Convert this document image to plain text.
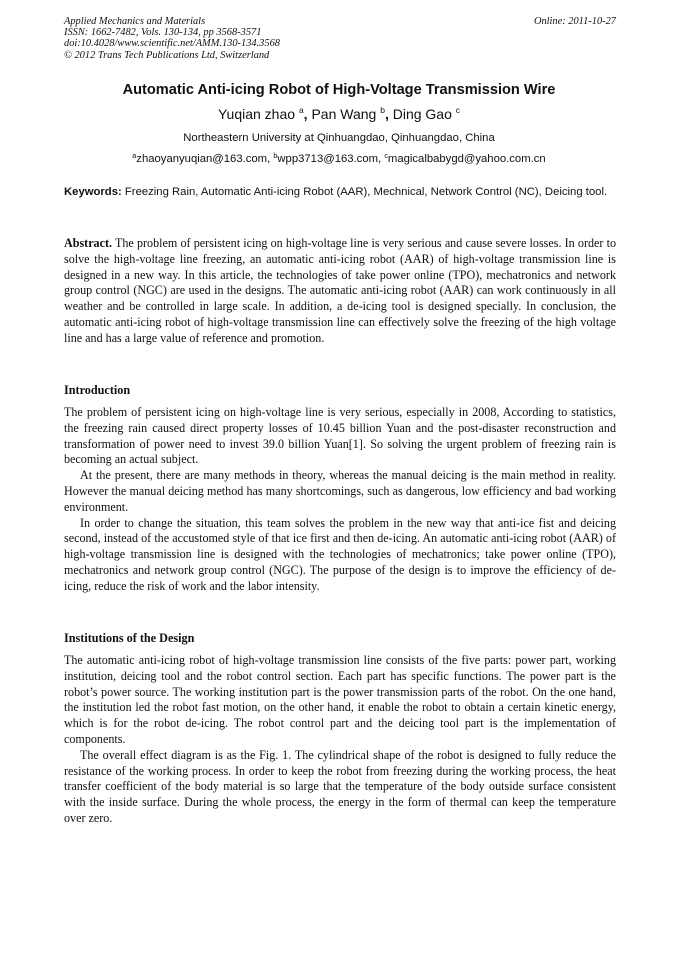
Applied Mechanics and Materials	Online: 2011-10-27
ISSN: 1662-7482, Vols. 130-134, pp 3568-3571
doi:10.4028/www.scientific.net/AMM.130-134.3568
© 2012 Trans Tech Publications Ltd, Switzerland
Automatic Anti-icing Robot of High-Voltage Transmission Wire
Yuqian zhao $^a$, Pan Wang $^b$, Ding Gao $^c$
Northeastern University at Qinhuangdao, Qinhuangdao, China
$^a$zhaoyanyuqian@163.com, $^b$wpp3713@163.com, $^c$magicalbabygd@yahoo.com.cn
Keywords: Freezing Rain, Automatic Anti-icing Robot (AAR), Mechnical, Network Control (NC), Deicing tool.
Abstract. The problem of persistent icing on high-voltage line is very serious and cause severe losses. In order to solve the high-voltage line freezing, an automatic anti-icing robot (AAR) of high-voltage transmission line is designed in a new way. In this article, the technologies of take power online (TPO), mechatronics and network group control (NGC) are used in the designs. The automatic anti-icing robot (AAR) can work continuously in all weather and be controlled in large scale. In addition, a de-icing tool is designed specially. In conclusion, the automatic anti-icing robot of high-voltage transmission line can effectively solve the freezing of the high voltage line and has a large value of reference and promotion.
Introduction

The problem of persistent icing on high-voltage line is very serious, especially in 2008, According to statistics, the freezing rain caused direct property losses of 10.45 billion Yuan and the post-disaster reconstruction and transformation of power need to invest 39.0 billion Yuan[1]. So solving the urgent problem of freezing rain is becoming an actual subject.

At the present, there are many methods in theory, whereas the manual deicing is the main method in reality. However the manual deicing method has many shortcomings, such as dangerous, low efficiency and bad working environment.

In order to change the situation, this team solves the problem in the new way that anti-ice fist and deicing second, instead of the accustomed style of that ice first and then de-icing. An automatic anti-icing robot (AAR) of high-voltage transmission line is designed with the technologies of mechatronics; take power online (TPO), mechatronics and network group control (NGC). The purpose of the design is to improve the efficiency of de-icing, reduce the risk of work and the labor intensity.

Institutions of the Design

The automatic anti-icing robot of high-voltage transmission line consists of the five parts: power part, working institution, deicing tool and the robot control section. Each part has specific functions. The power part is the robot’s power source. The working institution part is the power transmission parts of the robot. On the one hand, the institution led the robot fast motion, on the other hand, it enable the robot to obtain a certain kinetic energy, which is for the robot de-icing. The robot control part and the deicing tool part is the implementation of components.

The overall effect diagram is as the Fig. 1. The cylindrical shape of the robot is designed to fully reduce the resistance of the working process. In order to keep the robot from freezing during the working process, the heat transfer coefficient of the body material is so large that the temperature of the body outside surface consistent with the inside surface. During the whole process, the energy in the form of thermal can keep the temperature over zero.
